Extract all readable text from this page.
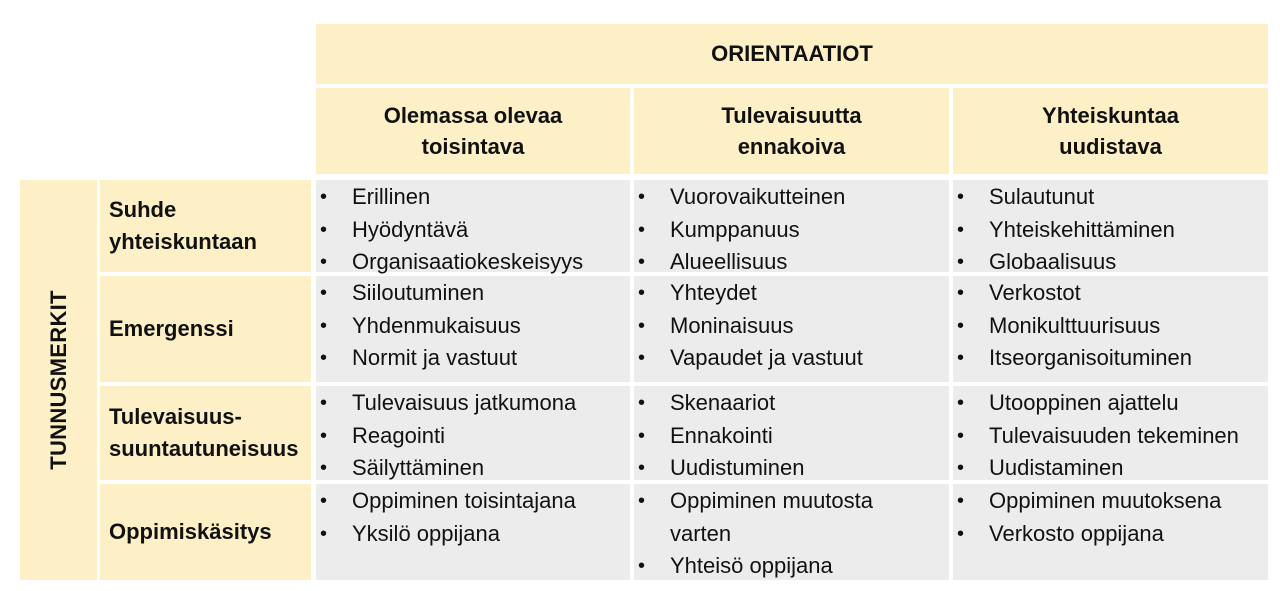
ORIENTAATIOT
Olemassa olevaa
toisintava
Tulevaisuutta
ennakoiva
Yhteiskuntaa
uudistava
TUNNUSMERKIT
Suhde
yhteiskuntaan
Emergenssi
Tulevaisuus-
suuntautuneisuus
Oppimiskäsitys
• Erillinen
• Hyödyntävä
• Organisaatiokeskeisyys
• Vuorovaikutteinen
• Kumppanuus
• Alueellisuus
• Sulautunut
• Yhteiskehittäminen
• Globaalisuus
• Siiloutuminen
• Yhdenmukaisuus
• Normit ja vastuut
• Yhteydet
• Moninaisuus
• Vapaudet ja vastuut
• Verkostot
• Monikulttuurisuus
• Itseorganisoituminen
• Tulevaisuus jatkumona
• Reagointi
• Säilyttäminen
• Skenaariot
• Ennakointi
• Uudistuminen
• Utooppinen ajattelu
• Tulevaisuuden tekeminen
• Uudistaminen
• Oppiminen toisintajana
• Yksilö oppijana
• Oppiminen muutosta varten
• Yhteisö oppijana
• Oppiminen muutoksena
• Verkosto oppijana
